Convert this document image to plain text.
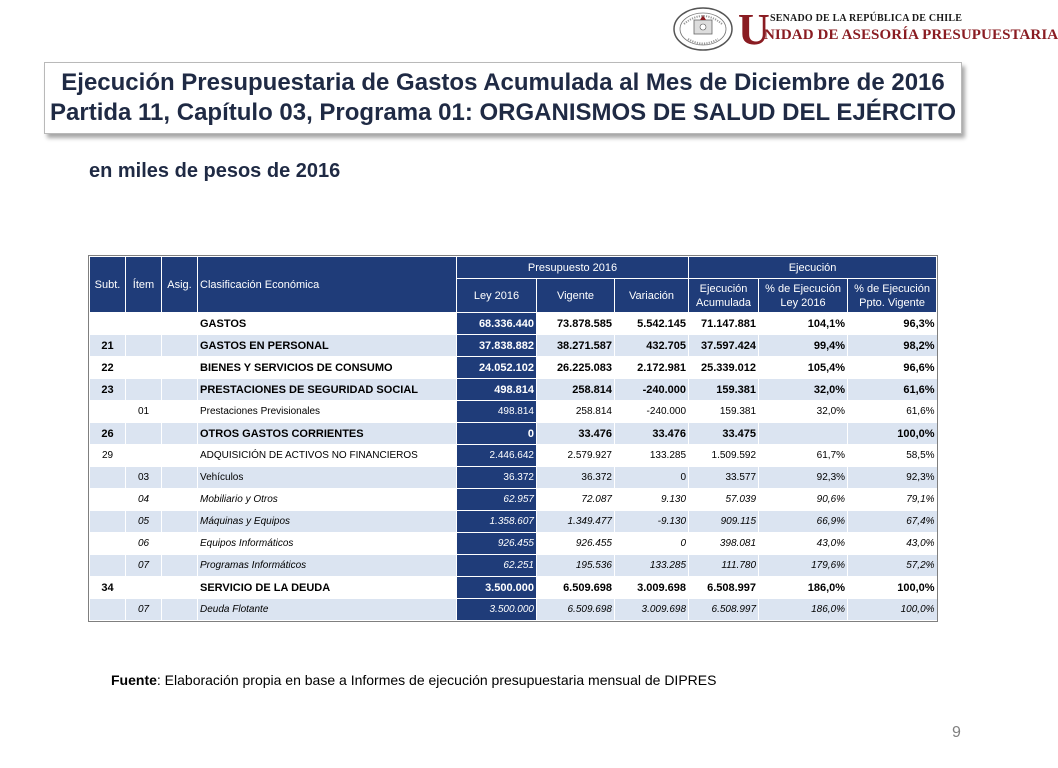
U SENADO DE LA REPÚBLICA DE CHILE
NIDAD DE ASESORÍA PRESUPUESTARIA
Ejecución Presupuestaria de Gastos Acumulada al Mes de Diciembre de 2016
Partida 11, Capítulo 03, Programa 01: ORGANISMOS DE SALUD DEL EJÉRCITO
en miles de pesos de 2016
Subt.	Ítem	Asig.	Clasificación Económica	Presupuesto 2016			Ejecución		
				Ley 2016	Vigente	Variación	Ejecución Acumulada	% de Ejecución Ley 2016	% de Ejecución Ppto. Vigente
			GASTOS	68.336.440	73.878.585	5.542.145	71.147.881	104,1%	96,3%
21			GASTOS EN PERSONAL	37.838.882	38.271.587	432.705	37.597.424	99,4%	98,2%
22			BIENES Y SERVICIOS DE CONSUMO	24.052.102	26.225.083	2.172.981	25.339.012	105,4%	96,6%
23			PRESTACIONES DE SEGURIDAD SOCIAL	498.814	258.814	-240.000	159.381	32,0%	61,6%
	01		Prestaciones Previsionales	498.814	258.814	-240.000	159.381	32,0%	61,6%
26			OTROS GASTOS CORRIENTES	0	33.476	33.476	33.475		100,0%
29			ADQUISICIÓN DE ACTIVOS NO FINANCIEROS	2.446.642	2.579.927	133.285	1.509.592	61,7%	58,5%
	03		Vehículos	36.372	36.372	0	33.577	92,3%	92,3%
	04		Mobiliario y Otros	62.957	72.087	9.130	57.039	90,6%	79,1%
	05		Máquinas y Equipos	1.358.607	1.349.477	-9.130	909.115	66,9%	67,4%
	06		Equipos Informáticos	926.455	926.455	0	398.081	43,0%	43,0%
	07		Programas Informáticos	62.251	195.536	133.285	111.780	179,6%	57,2%
34			SERVICIO DE LA DEUDA	3.500.000	6.509.698	3.009.698	6.508.997	186,0%	100,0%
	07		Deuda Flotante	3.500.000	6.509.698	3.009.698	6.508.997	186,0%	100,0%
Fuente: Elaboración propia en base a Informes de ejecución presupuestaria mensual de DIPRES
9
